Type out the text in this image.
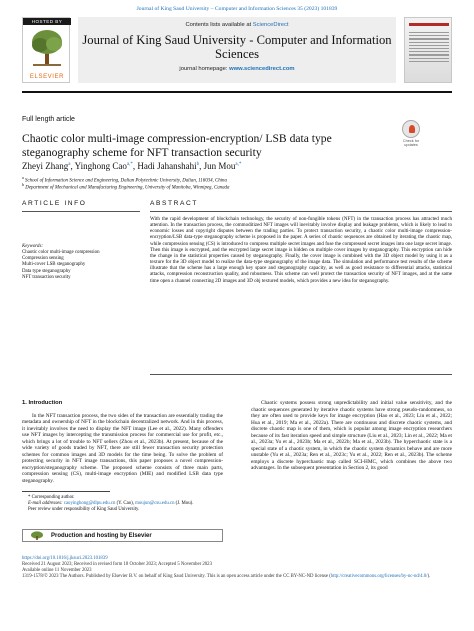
Journal of King Saud University – Computer and Information Sciences 35 (2023) 101839
HOSTED BY
ELSEVIER
Contents lists available at ScienceDirect
Journal of King Saud University - Computer and Information Sciences
journal homepage: www.sciencedirect.com
Full length article
Chaotic color multi-image compression-encryption/ LSB data type steganography scheme for NFT transaction security
Check for updates
Zheyi Zhang$^a$, Yinghong Cao$^{a,*}$, Hadi Jahanshahi$^b$, Jun Mou$^{a,*}$
$^a$ School of Information Science and Engineering, Dalian Polytechnic University, Dalian, 116034, China
$^b$ Department of Mechanical and Manufacturing Engineering, University of Manitoba, Winnipeg, Canada
ARTICLE INFO	ABSTRACT
Keywords:
Chaotic color multi-image compression
Compression sensing
Multi-cover LSB steganography
Data type steganography
NFT transaction security
With the rapid development of blockchain technology, the security of non-fungible tokens (NFT) in the transaction process has attracted much attention. In the transaction process, the commoditized NFT images will inevitably involve display and leakage problems, which is likely to lead to economic losses and copyright disputes between the trading parties. To protect transaction security, a chaotic color multi-image compression-encryption/LSB data-type steganography scheme is proposed in the paper. A series of chaotic sequences are obtained by iterating the chaotic map, while compression sensing (CS) is introduced to compress multiple secret images and fuse the compressed secret images into one large secret image. Then this image is encrypted, and the encrypted large secret image is hidden on multiple cover images by steganography. This encryption can hide the change in the statistical properties caused by steganography. Finally, the cover image is combined with the 3D object model by using it as a texture for the 3D object model to realize the data-type steganography of the image data. The simulation and performance test results of the scheme illustrate that the scheme has a large enough key space and steganography capacity, as well as good resistance to differential attacks, statistical attacks, compression reconstruction quality, and robustness. This scheme can well protect the transaction security of NFT images, and at the same time open a channel connecting 2D images and 3D obj textured models, which provides a new idea for steganography.
1. Introduction

In the NFT transaction process, the two sides of the transaction are essentially trading the metadata and ownership of NFT in the blockchain decentralized network. And in this process, it inevitably involves the need to display the NFT image (Lee et al., 2022). Many offenders use NFT images by intercepting the transmission process for commercial use for profit, etc., which brings a lot of trouble to NFT sellers (Zhou et al., 2023b). At present, because of the wide variety of goods traded by NFT, there are still fewer transaction security protection schemes for common images and 3D models for the time being. To solve the problem of protecting security in NFT image transactions, this paper proposes a novel compression-encryption/steganography scheme. The proposed scheme consists of three main parts, compression sensing (CS), multi-image encryption (MIE) and modified LSB data type steganography.

Chaotic systems possess strong unpredictability and initial value sensitivity, and the chaotic sequences generated by iterative chaotic systems have strong pseudo-randomness, so they are often used to provide keys for image encryption (Hao et al., 2023; Liu et al., 2022; Hua et al., 2019; Ma et al., 2022a). There are continuous and discrete chaotic systems, and discrete chaotic map is one of them, which is popular among image encryption researchers because of its fast iteration speed and simple structure (Liu et al., 2023; Lin et al., 2022; Ma et al., 2023a; Yu et al., 2023b; Ma et al., 2022b; Ma et al., 2023b). The hyperchaotic state is a special state of a chaotic system, in which the chaotic system dynamics behave and are more unstable (Yu et al., 2023a; Ren et al., 2023c; Yu et al., 2022; Ren et al., 2023b). The scheme employs a discrete hyperchaotic map called SCI-HMC, which combines the above two advantages. In the subsequent presentation in Section 2, its good

* Corresponding author.
E-mail addresses: caoyinghong@dlpu.edu.cn (Y. Cao), moujun@csu.edu.cn (J. Mou).
Peer review under responsibility of King Saud University.
Production and hosting by Elsevier
https://doi.org/10.1016/j.jksuci.2023.101839
Received 21 August 2023; Received in revised form 18 October 2023; Accepted 5 November 2023
Available online 11 November 2023
1319-1578/© 2023 The Authors. Published by Elsevier B.V. on behalf of King Saud University. This is an open access article under the CC BY-NC-ND license (http://creativecommons.org/licenses/by-nc-nd/4.0/).
